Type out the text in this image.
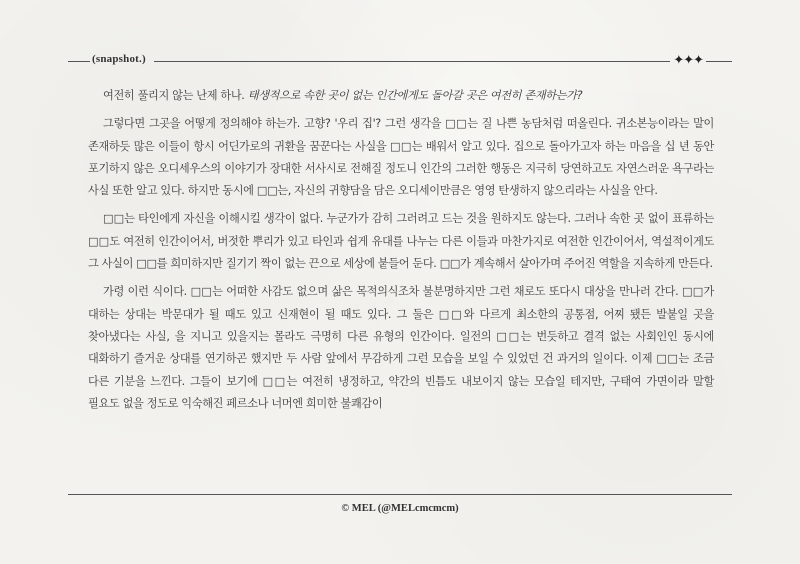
(snapshot.)	✦✦✦

여전히 풀리지 않는 난제 하나. 태생적으로 속한 곳이 없는 인간에게도 돌아갈 곳은 여전히 존재하는가?

그렇다면 그곳을 어떻게 정의해야 하는가. 고향? '우리 집'? 그런 생각을 □□는 질 나쁜 농담처럼 떠올린다. 귀소본능이라는 말이 존재하듯 많은 이들이 항시 어딘가로의 귀환을 꿈꾼다는 사실을 □□는 배워서 알고 있다. 집으로 돌아가고자 하는 마음을 십 년 동안 포기하지 않은 오디세우스의 이야기가 장대한 서사시로 전해질 정도니 인간의 그러한 행동은 지극히 당연하고도 자연스러운 욕구라는 사실 또한 알고 있다. 하지만 동시에 □□는, 자신의 귀향담을 담은 오디세이만큼은 영영 탄생하지 않으리라는 사실을 안다.

□□는 타인에게 자신을 이해시킬 생각이 없다. 누군가가 감히 그러려고 드는 것을 원하지도 않는다. 그러나 속한 곳 없이 표류하는 □□도 여전히 인간이어서, 버젓한 뿌리가 있고 타인과 쉽게 유대를 나누는 다른 이들과 마찬가지로 여전한 인간이어서, 역설적이게도 그 사실이 □□를 희미하지만 질기기 짝이 없는 끈으로 세상에 붙들어 둔다. □□가 계속해서 살아가며 주어진 역할을 지속하게 만든다.

가령 이런 식이다. □□는 어떠한 사감도 없으며 삶은 목적의식조차 불분명하지만 그런 채로도 또다시 대상을 만나러 간다. □□가 대하는 상대는 박문대가 될 때도 있고 신재현이 될 때도 있다. 그 둘은 □□와 다르게 최소한의 공통점, 어찌 됐든 발붙일 곳을 찾아냈다는 사실, 을 지니고 있을지는 몰라도 극명히 다른 유형의 인간이다. 일전의 □□는 번듯하고 결격 없는 사회인인 동시에 대화하기 즐거운 상대를 연기하곤 했지만 두 사람 앞에서 무감하게 그런 모습을 보일 수 있었던 건 과거의 일이다. 이제 □□는 조금 다른 기분을 느낀다. 그들이 보기에 □□는 여전히 냉정하고, 약간의 빈틈도 내보이지 않는 모습일 테지만, 구태여 가면이라 말할 필요도 없을 정도로 익숙해진 페르소나 너머엔 희미한 불쾌감이

© MEL (@MELcmcmcm)
